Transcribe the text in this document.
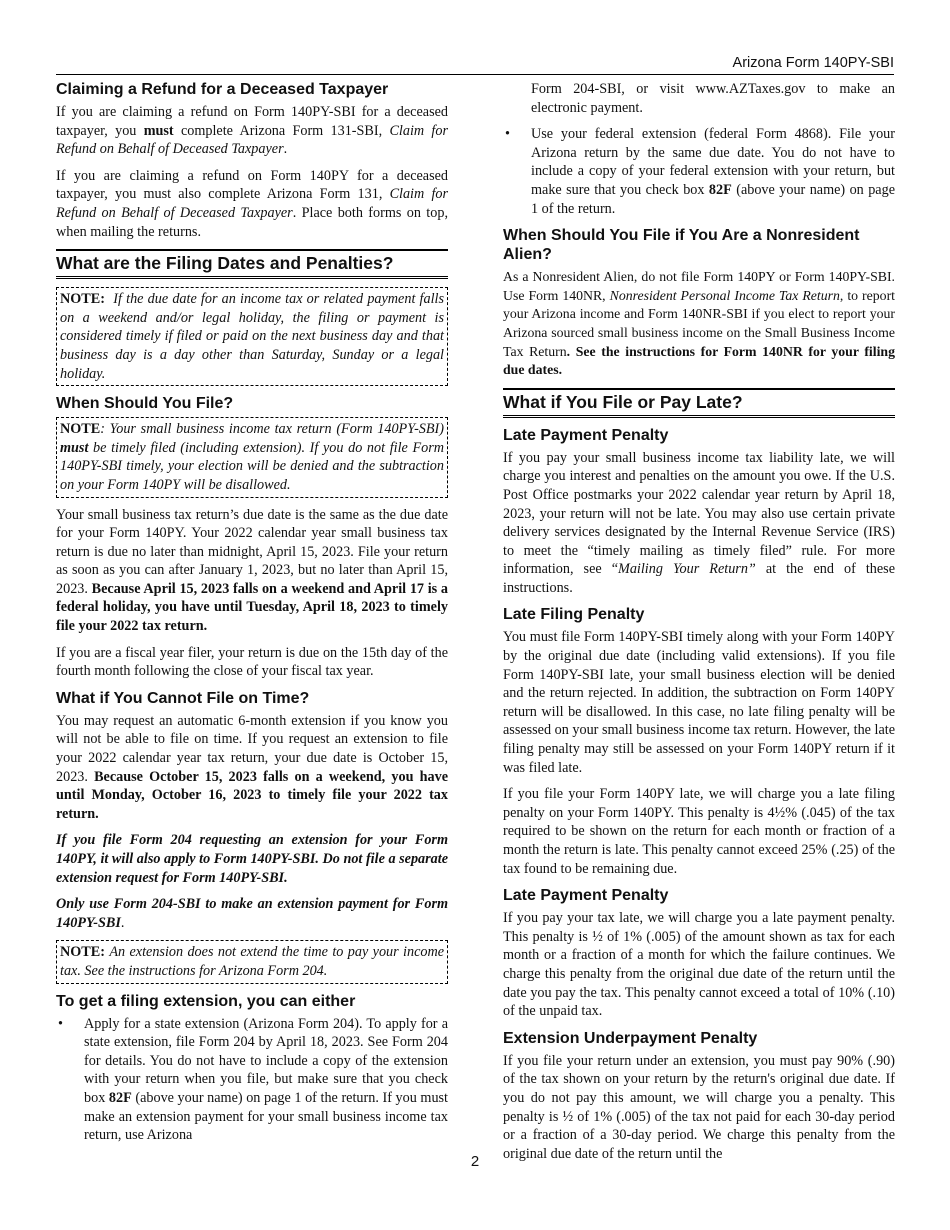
Arizona Form 140PY-SBI
Claiming a Refund for a Deceased Taxpayer

If you are claiming a refund on Form 140PY-SBI for a deceased taxpayer, you must complete Arizona Form 131-SBI, Claim for Refund on Behalf of Deceased Taxpayer.

If you are claiming a refund on Form 140PY for a deceased taxpayer, you must also complete Arizona Form 131, Claim for Refund on Behalf of Deceased Taxpayer. Place both forms on top, when mailing the returns.

What are the Filing Dates and Penalties?
NOTE: If the due date for an income tax or related payment falls on a weekend and/or legal holiday, the filing or payment is considered timely if filed or paid on the next business day and that business day is a day other than Saturday, Sunday or a legal holiday.
When Should You File?
NOTE: Your small business income tax return (Form 140PY-SBI) must be timely filed (including extension). If you do not file Form 140PY-SBI timely, your election will be denied and the subtraction on your Form 140PY will be disallowed.

Your small business tax return’s due date is the same as the due date for your Form 140PY. Your 2022 calendar year small business tax return is due no later than midnight, April 15, 2023. File your return as soon as you can after January 1, 2023, but no later than April 15, 2023. Because April 15, 2023 falls on a weekend and April 17 is a federal holiday, you have until Tuesday, April 18, 2023 to timely file your 2022 tax return.

If you are a fiscal year filer, your return is due on the 15th day of the fourth month following the close of your fiscal tax year.

What if You Cannot File on Time?

You may request an automatic 6-month extension if you know you will not be able to file on time. If you request an extension to file your 2022 calendar year tax return, your due date is October 15, 2023. Because October 15, 2023 falls on a weekend, you have until Monday, October 16, 2023 to timely file your 2022 tax return.

If you file Form 204 requesting an extension for your Form 140PY, it will also apply to Form 140PY-SBI. Do not file a separate extension request for Form 140PY-SBI.

Only use Form 204-SBI to make an extension payment for Form 140PY-SBI.

NOTE: An extension does not extend the time to pay your income tax. See the instructions for Arizona Form 204.
To get a filing extension, you can either
• Apply for a state extension (Arizona Form 204). To apply for a state extension, file Form 204 by April 18, 2023. See Form 204 for details. You do not have to include a copy of the extension with your return when you file, but make sure that you check box 82F (above your name) on page 1 of the return. If you must make an extension payment for your small business income tax return, use Arizona

Form 204-SBI, or visit www.AZTaxes.gov to make an electronic payment.

• Use your federal extension (federal Form 4868). File your Arizona return by the same due date. You do not have to include a copy of your federal extension with your return, but make sure that you check box 82F (above your name) on page 1 of the return.
When Should You File if You Are a Nonresident Alien?

As a Nonresident Alien, do not file Form 140PY or Form 140PY-SBI. Use Form 140NR, Nonresident Personal Income Tax Return, to report your Arizona income and Form 140NR-SBI if you elect to report your Arizona sourced small business income on the Small Business Income Tax Return. See the instructions for Form 140NR for your filing due dates.

What if You File or Pay Late?
Late Payment Penalty

If you pay your small business income tax liability late, we will charge you interest and penalties on the amount you owe. If the U.S. Post Office postmarks your 2022 calendar year return by April 18, 2023, your return will not be late. You may also use certain private delivery services designated by the Internal Revenue Service (IRS) to meet the “timely mailing as timely filed” rule. For more information, see “Mailing Your Return” at the end of these instructions.

Late Filing Penalty

You must file Form 140PY-SBI timely along with your Form 140PY by the original due date (including valid extensions). If you file Form 140PY-SBI late, your small business election will be denied and the return rejected. In addition, the subtraction on Form 140PY return will be disallowed. In this case, no late filing penalty will be assessed on your small business income tax return. However, the late filing penalty may still be assessed on your Form 140PY return if it was filed late.

If you file your Form 140PY late, we will charge you a late filing penalty on your Form 140PY. This penalty is 4½% (.045) of the tax required to be shown on the return for each month or fraction of a month the return is late. This penalty cannot exceed 25% (.25) of the tax found to be remaining due.

Late Payment Penalty

If you pay your tax late, we will charge you a late payment penalty. This penalty is ½ of 1% (.005) of the amount shown as tax for each month or a fraction of a month for which the failure continues. We charge this penalty from the original due date of the return until the date you pay the tax. This penalty cannot exceed a total of 10% (.10) of the unpaid tax.

Extension Underpayment Penalty

If you file your return under an extension, you must pay 90% (.90) of the tax shown on your return by the return's original due date. If you do not pay this amount, we will charge you a penalty. This penalty is ½ of 1% (.005) of the tax not paid for each 30-day period or a fraction of a 30-day period. We charge this penalty from the original due date of the return until the

2
